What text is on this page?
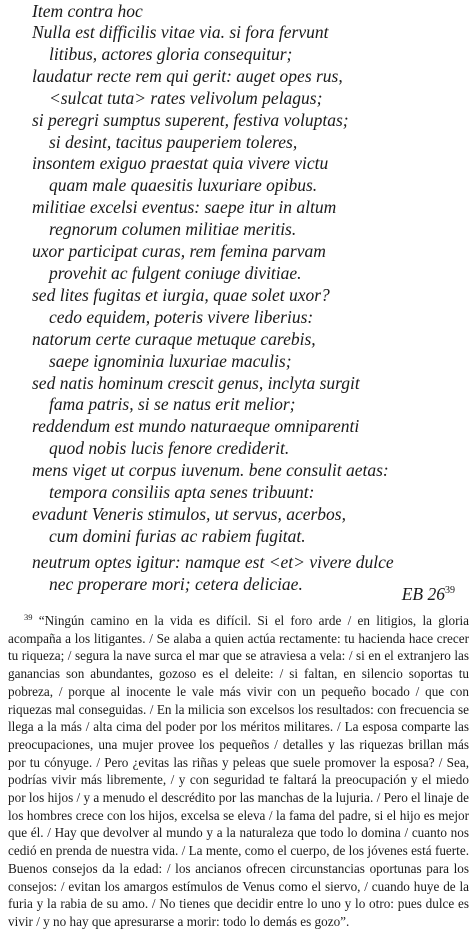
Item contra hoc
Nulla est difficilis vitae via. si fora fervunt
litibus, actores gloria consequitur;
laudatur recte rem qui gerit: auget opes rus,
<sulcat tuta> rates velivolum pelagus;
si peregri sumptus superent, festiva voluptas;
si desint, tacitus pauperiem toleres,
insontem exiguo praestat quia vivere victu
quam male quaesitis luxuriare opibus.
militiae excelsi eventus: saepe itur in altum
regnorum columen militiae meritis.
uxor participat curas, rem femina parvam
provehit ac fulgent coniuge divitiae.
sed lites fugitas et iurgia, quae solet uxor?
cedo equidem, poteris vivere liberius:
natorum certe curaque metuque carebis,
saepe ignominia luxuriae maculis;
sed natis hominum crescit genus, inclyta surgit
fama patris, si se natus erit melior;
reddendum est mundo naturaeque omniparenti
quod nobis lucis fenore crediderit.
mens viget ut corpus iuvenum. bene consulit aetas:
tempora consiliis apta senes tribuunt:
evadunt Veneris stimulos, ut servus, acerbos,
cum domini furias ac rabiem fugitat.
neutrum optes igitur: namque est <et> vivere dulce
nec properare mori; cetera deliciae.
EB $26^{39}$
$^{39}$ “Ningún camino en la vida es difícil. Si el foro arde / en litigios, la gloria acompaña a los litigantes. / Se alaba a quien actúa rectamente: tu hacienda hace crecer tu riqueza; / segura la nave surca el mar que se atraviesa a vela: / si en el extranjero las ganancias son abundantes, gozoso es el deleite: / si faltan, en silencio soportas tu pobreza, / porque al inocente le vale más vivir con un pequeño bocado / que con riquezas mal conseguidas. / En la milicia son excelsos los resultados: con frecuencia se llega a la más / alta cima del poder por los méritos militares. / La esposa comparte las preocupaciones, una mujer provee los pequeños / detalles y las riquezas brillan más por tu cónyuge. / Pero ¿evitas las riñas y peleas que suele promover la esposa? / Sea, podrías vivir más libremente, / y con seguridad te faltará la preocupación y el miedo por los hijos / y a menudo el descrédito por las manchas de la lujuria. / Pero el linaje de los hombres crece con los hijos, excelsa se eleva / la fama del padre, si el hijo es mejor que él. / Hay que devolver al mundo y a la naturaleza que todo lo domina / cuanto nos cedió en prenda de nuestra vida. / La mente, como el cuerpo, de los jóvenes está fuerte. Buenos consejos da la edad: / los ancianos ofrecen circunstancias oportunas para los consejos: / evitan los amargos estímulos de Venus como el siervo, / cuando huye de la furia y la rabia de su amo. / No tienes que decidir entre lo uno y lo otro: pues dulce es vivir / y no hay que apresurarse a morir: todo lo demás es gozo”.
